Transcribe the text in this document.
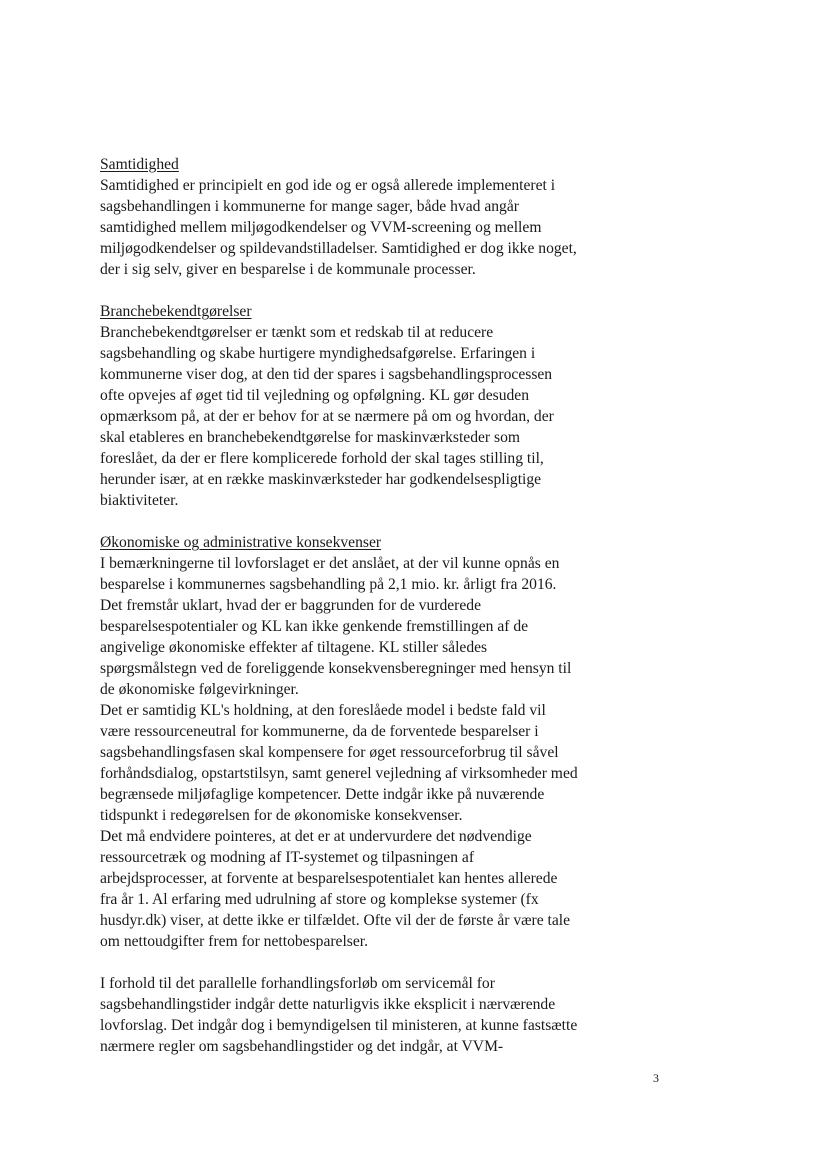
Samtidighed

Samtidighed er principielt en god ide og er også allerede implementeret i
sagsbehandlingen i kommunerne for mange sager, både hvad angår
samtidighed mellem miljøgodkendelser og VVM-screening og mellem
miljøgodkendelser og spildevandstilladelser. Samtidighed er dog ikke noget,
der i sig selv, giver en besparelse i de kommunale processer.

Branchebekendtgørelser

Branchebekendtgørelser er tænkt som et redskab til at reducere
sagsbehandling og skabe hurtigere myndighedsafgørelse. Erfaringen i
kommunerne viser dog, at den tid der spares i sagsbehandlingsprocessen
ofte opvejes af øget tid til vejledning og opfølgning. KL gør desuden
opmærksom på, at der er behov for at se nærmere på om og hvordan, der
skal etableres en branchebekendtgørelse for maskinværksteder som
foreslået, da der er flere komplicerede forhold der skal tages stilling til,
herunder især, at en række maskinværksteder har godkendelsespligtige
biaktiviteter.

Økonomiske og administrative konsekvenser

I bemærkningerne til lovforslaget er det anslået, at der vil kunne opnås en
besparelse i kommunernes sagsbehandling på 2,1 mio. kr. årligt fra 2016.
Det fremstår uklart, hvad der er baggrunden for de vurderede
besparelsespotentialer og KL kan ikke genkende fremstillingen af de
angivelige økonomiske effekter af tiltagene. KL stiller således
spørgsmålstegn ved de foreliggende konsekvensberegninger med hensyn til
de økonomiske følgevirkninger.

Det er samtidig KL's holdning, at den foreslåede model i bedste fald vil
være ressourceneutral for kommunerne, da de forventede besparelser i
sagsbehandlingsfasen skal kompensere for øget ressourceforbrug til såvel
forhåndsdialog, opstartstilsyn, samt generel vejledning af virksomheder med
begrænsede miljøfaglige kompetencer. Dette indgår ikke på nuværende
tidspunkt i redegørelsen for de økonomiske konsekvenser.

Det må endvidere pointeres, at det er at undervurdere det nødvendige
ressourcetræk og modning af IT-systemet og tilpasningen af
arbejdsprocesser, at forvente at besparelsespotentialet kan hentes allerede
fra år 1. Al erfaring med udrulning af store og komplekse systemer (fx
husdyr.dk) viser, at dette ikke er tilfældet. Ofte vil der de første år være tale
om nettoudgifter frem for nettobesparelser.

I forhold til det parallelle forhandlingsforløb om servicemål for
sagsbehandlingstider indgår dette naturligvis ikke eksplicit i nærværende
lovforslag. Det indgår dog i bemyndigelsen til ministeren, at kunne fastsætte
nærmere regler om sagsbehandlingstider og det indgår, at VVM-

3
